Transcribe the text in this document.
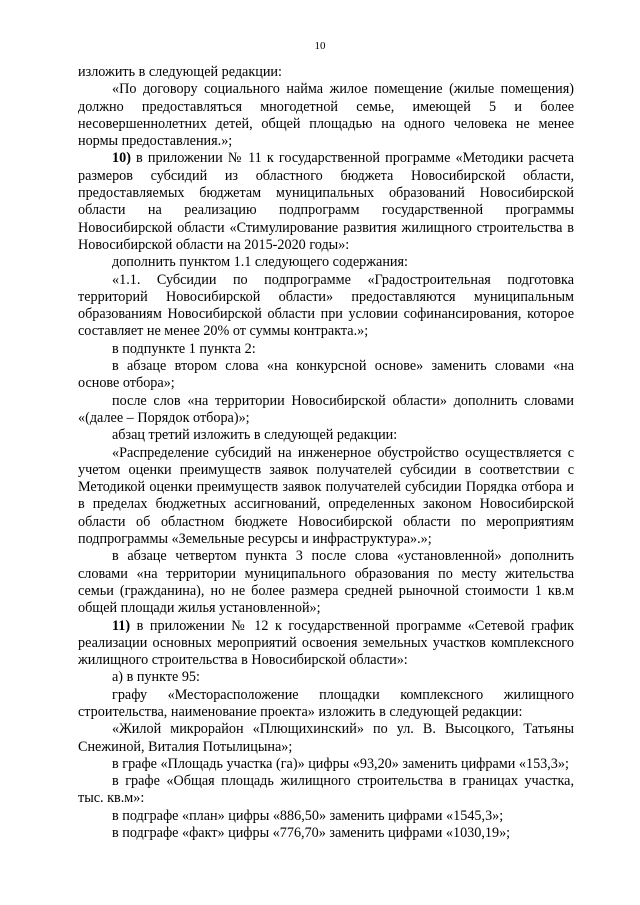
10

изложить в следующей редакции:

«По договору социального найма жилое помещение (жилые помещения) должно предоставляться многодетной семье, имеющей 5 и более несовершеннолетних детей, общей площадью на одного человека не менее нормы предоставления.»;

10) в приложении № 11 к государственной программе «Методики расчета размеров субсидий из областного бюджета Новосибирской области, предоставляемых бюджетам муниципальных образований Новосибирской области на реализацию подпрограмм государственной программы Новосибирской области «Стимулирование развития жилищного строительства в Новосибирской области на 2015-2020 годы»:

дополнить пунктом 1.1 следующего содержания:

«1.1. Субсидии по подпрограмме «Градостроительная подготовка территорий Новосибирской области» предоставляются муниципальным образованиям Новосибирской области при условии софинансирования, которое составляет не менее 20% от суммы контракта.»;

в подпункте 1 пункта 2:

в абзаце втором слова «на конкурсной основе» заменить словами «на основе отбора»;

после слов «на территории Новосибирской области» дополнить словами «(далее – Порядок отбора)»;

абзац третий изложить в следующей редакции:

«Распределение субсидий на инженерное обустройство осуществляется с учетом оценки преимуществ заявок получателей субсидии в соответствии с Методикой оценки преимуществ заявок получателей субсидии Порядка отбора и в пределах бюджетных ассигнований, определенных законом Новосибирской области об областном бюджете Новосибирской области по мероприятиям подпрограммы «Земельные ресурсы и инфраструктура».»;

в абзаце четвертом пункта 3 после слова «установленной» дополнить словами «на территории муниципального образования по месту жительства семьи (гражданина), но не более размера средней рыночной стоимости 1 кв.м общей площади жилья установленной»;

11) в приложении № 12 к государственной программе «Сетевой график реализации основных мероприятий освоения земельных участков комплексного жилищного строительства в Новосибирской области»:

а) в пункте 95:

графу «Месторасположение площадки комплексного жилищного строительства, наименование проекта» изложить в следующей редакции:

«Жилой микрорайон «Плющихинский» по ул. В. Высоцкого, Татьяны Снежиной, Виталия Потылицына»;

в графе «Площадь участка (га)» цифры «93,20» заменить цифрами «153,3»;

в графе «Общая площадь жилищного строительства в границах участка, тыс. кв.м»:

в подграфе «план» цифры «886,50» заменить цифрами «1545,3»;

в подграфе «факт» цифры «776,70» заменить цифрами «1030,19»;
